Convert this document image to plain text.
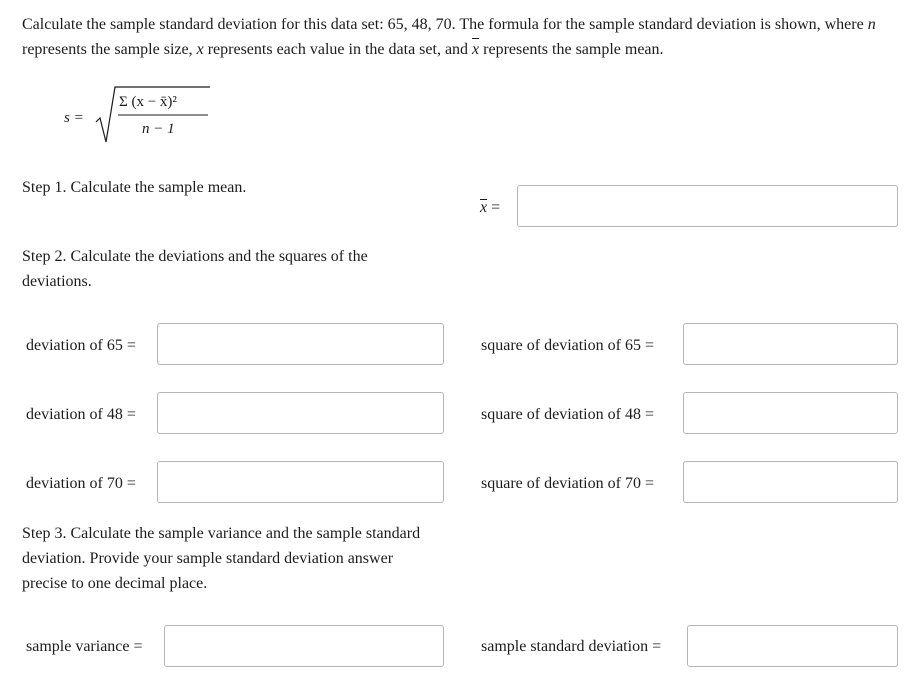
Calculate the sample standard deviation for this data set: 65, 48, 70. The formula for the sample standard deviation is shown, where n represents the sample size, x represents each value in the data set, and x represents the sample mean.

s =
Σ (x − x̄)²
n − 1

Step 1. Calculate the sample mean.

x =

Step 2. Calculate the deviations and the squares of the deviations.

deviation of 65 =	square of deviation of 65 =
deviation of 48 =	square of deviation of 48 =
deviation of 70 =	square of deviation of 70 =

Step 3. Calculate the sample variance and the sample standard deviation. Provide your sample standard deviation answer precise to one decimal place.

sample variance =	sample standard deviation =
